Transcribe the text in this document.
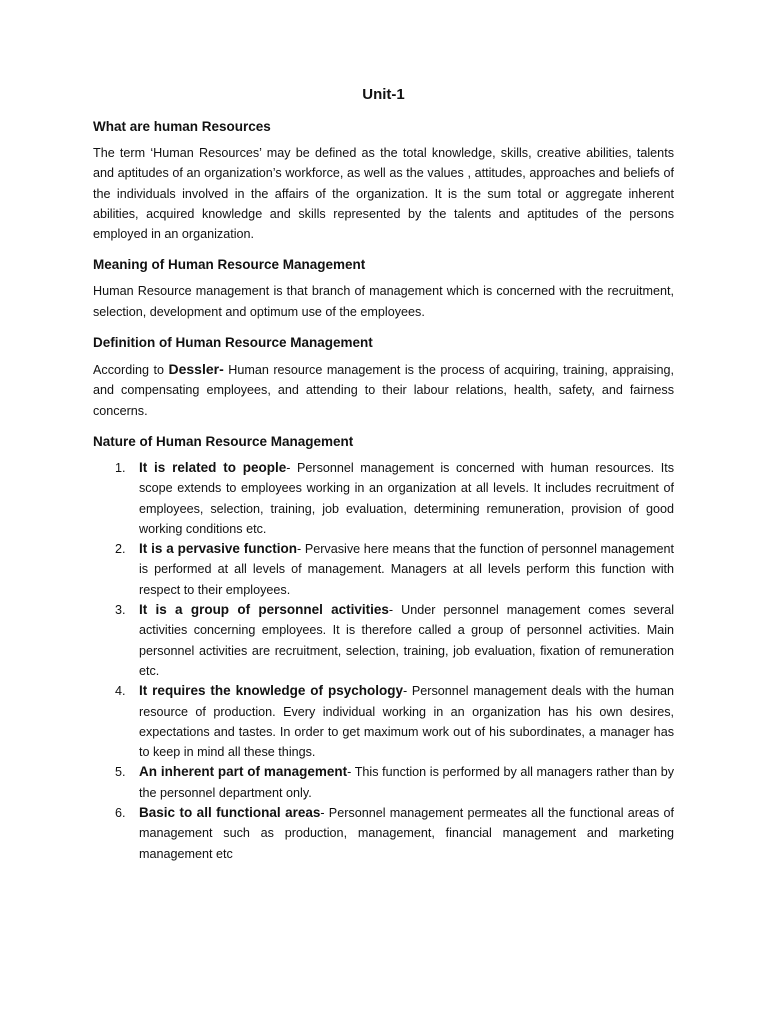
Unit-1
What are human Resources

The term ‘Human Resources’ may be defined as the total knowledge, skills, creative abilities, talents and aptitudes of an organization’s workforce, as well as the values , attitudes, approaches and beliefs of the individuals involved in the affairs of the organization. It is the sum total or aggregate inherent abilities, acquired knowledge and skills represented by the talents and aptitudes of the persons employed in an organization.

Meaning of Human Resource Management

Human Resource management is that branch of management which is concerned with the recruitment, selection, development and optimum use of the employees.

Definition of Human Resource Management

According to Dessler- Human resource management is the process of acquiring, training, appraising, and compensating employees, and attending to their labour relations, health, safety, and fairness concerns.

Nature of Human Resource Management
1. It is related to people- Personnel management is concerned with human resources. Its scope extends to employees working in an organization at all levels. It includes recruitment of employees, selection, training, job evaluation, determining remuneration, provision of good working conditions etc.
2. It is a pervasive function- Pervasive here means that the function of personnel management is performed at all levels of management. Managers at all levels perform this function with respect to their employees.
3. It is a group of personnel activities- Under personnel management comes several activities concerning employees. It is therefore called a group of personnel activities. Main personnel activities are recruitment, selection, training, job evaluation, fixation of remuneration etc.
4. It requires the knowledge of psychology- Personnel management deals with the human resource of production. Every individual working in an organization has his own desires, expectations and tastes. In order to get maximum work out of his subordinates, a manager has to keep in mind all these things.
5. An inherent part of management- This function is performed by all managers rather than by the personnel department only.
6. Basic to all functional areas- Personnel management permeates all the functional areas of management such as production, management, financial management and marketing management etc
